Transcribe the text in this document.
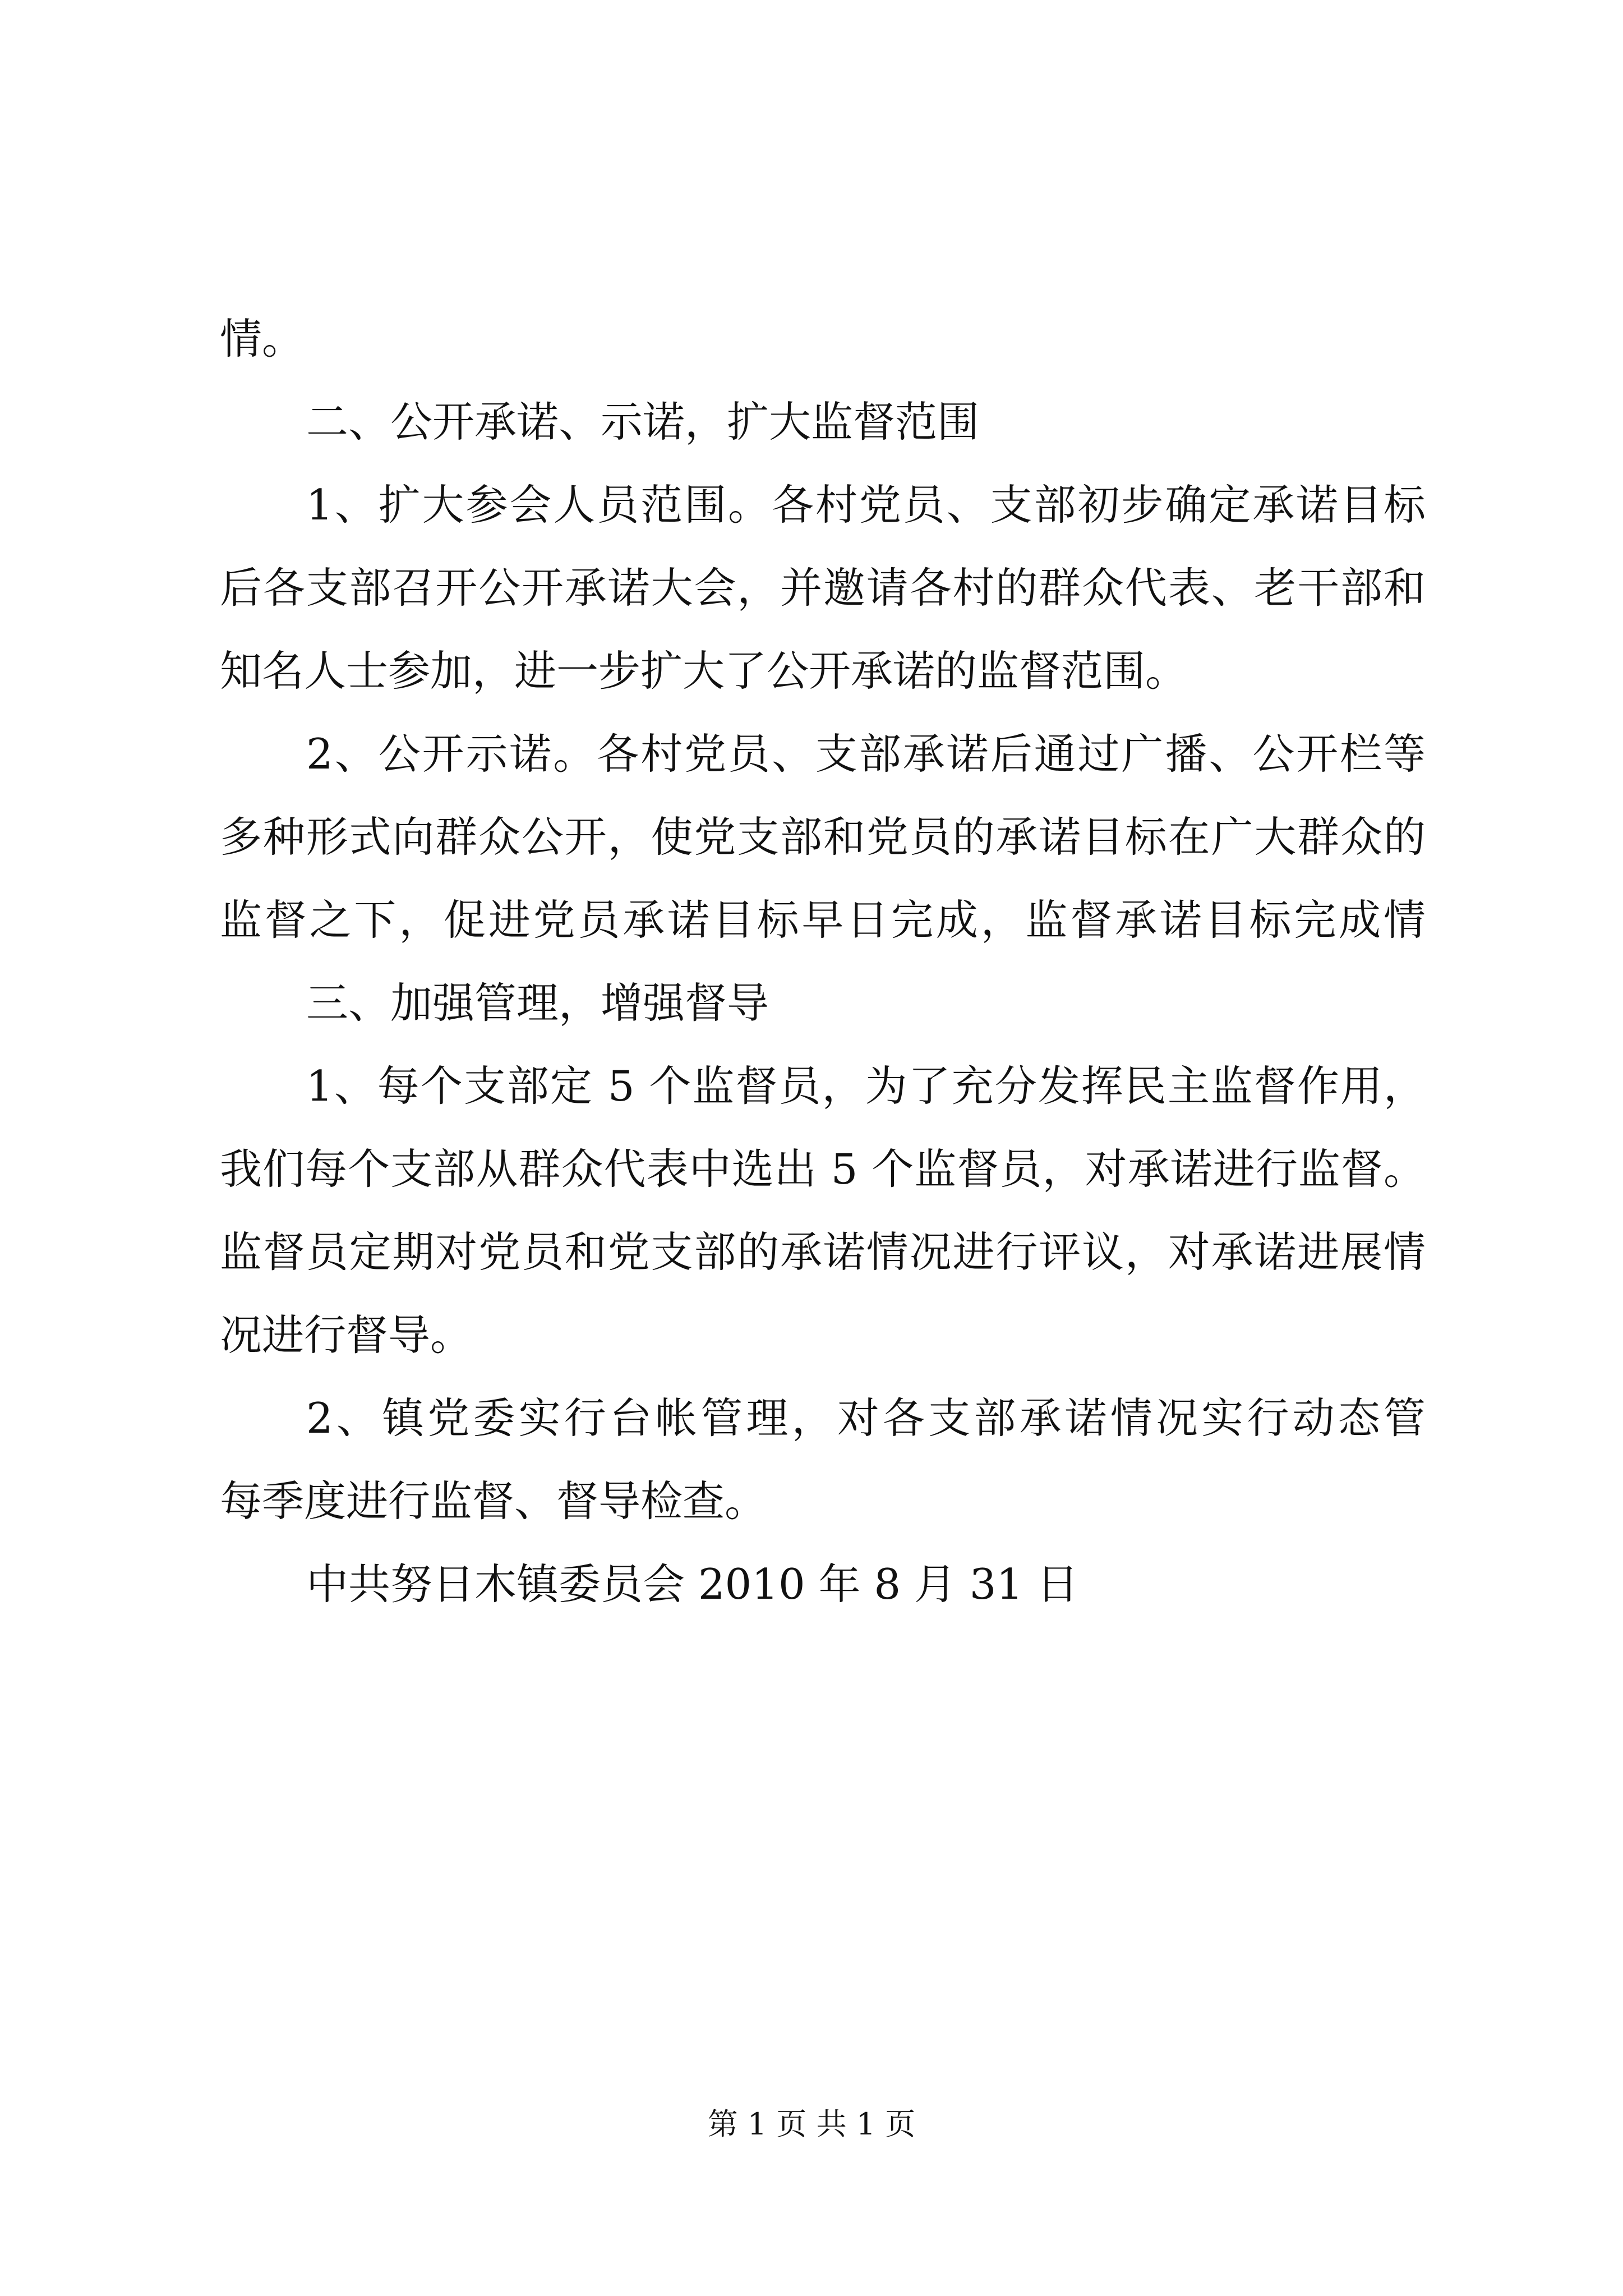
情。
二、公开承诺、示诺，扩大监督范围
1、扩大参会人员范围。各村党员、支部初步确定承诺目标
后各支部召开公开承诺大会，并邀请各村的群众代表、老干部和
知名人士参加，进一步扩大了公开承诺的监督范围。
2、公开示诺。各村党员、支部承诺后通过广播、公开栏等
多种形式向群众公开，使党支部和党员的承诺目标在广大群众的
监督之下，促进党员承诺目标早日完成，监督承诺目标完成情
三、加强管理，增强督导
1、每个支部定 5 个监督员，为了充分发挥民主监督作用，
我们每个支部从群众代表中选出 5 个监督员，对承诺进行监督。
监督员定期对党员和党支部的承诺情况进行评议，对承诺进展情
况进行督导。
2、镇党委实行台帐管理，对各支部承诺情况实行动态管
每季度进行监督、督导检查。
中共努日木镇委员会 2010 年 8 月 31 日
第 1 页 共 1 页
